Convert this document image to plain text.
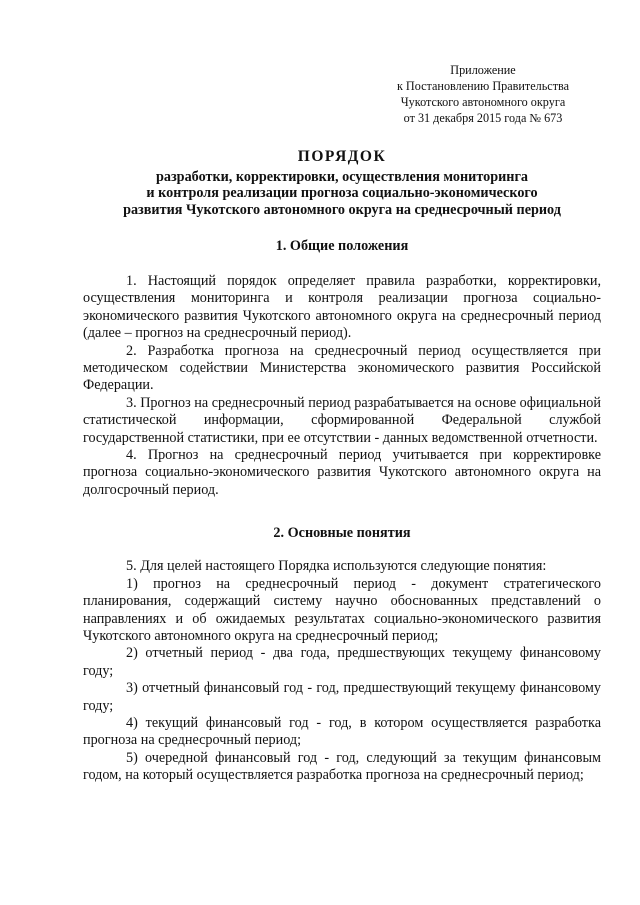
Приложение
к Постановлению Правительства
Чукотского автономного округа
от 31 декабря 2015 года № 673
ПОРЯДОК
разработки, корректировки, осуществления мониторинга
и контроля реализации прогноза социально-экономического
развития Чукотского автономного округа на среднесрочный период
1. Общие положения

1. Настоящий порядок определяет правила разработки, корректировки, осуществления мониторинга и контроля реализации прогноза социально-экономического развития Чукотского автономного округа на среднесрочный период (далее – прогноз на среднесрочный период).

2. Разработка прогноза на среднесрочный период осуществляется при методическом содействии Министерства экономического развития Российской Федерации.

3. Прогноз на среднесрочный период разрабатывается на основе официальной статистической информации, сформированной Федеральной службой государственной статистики, при ее отсутствии - данных ведомственной отчетности.

4. Прогноз на среднесрочный период учитывается при корректировке прогноза социально-экономического развития Чукотского автономного округа на долгосрочный период.

2. Основные понятия

5. Для целей настоящего Порядка используются следующие понятия:

1) прогноз на среднесрочный период - документ стратегического планирования, содержащий систему научно обоснованных представлений о направлениях и об ожидаемых результатах социально-экономического развития Чукотского автономного округа на среднесрочный период;

2) отчетный период - два года, предшествующих текущему финансовому году;

3) отчетный финансовый год - год, предшествующий текущему финансовому году;

4) текущий финансовый год - год, в котором осуществляется разработка прогноза на среднесрочный период;

5) очередной финансовый год - год, следующий за текущим финансовым годом, на который осуществляется разработка прогноза на среднесрочный период;
